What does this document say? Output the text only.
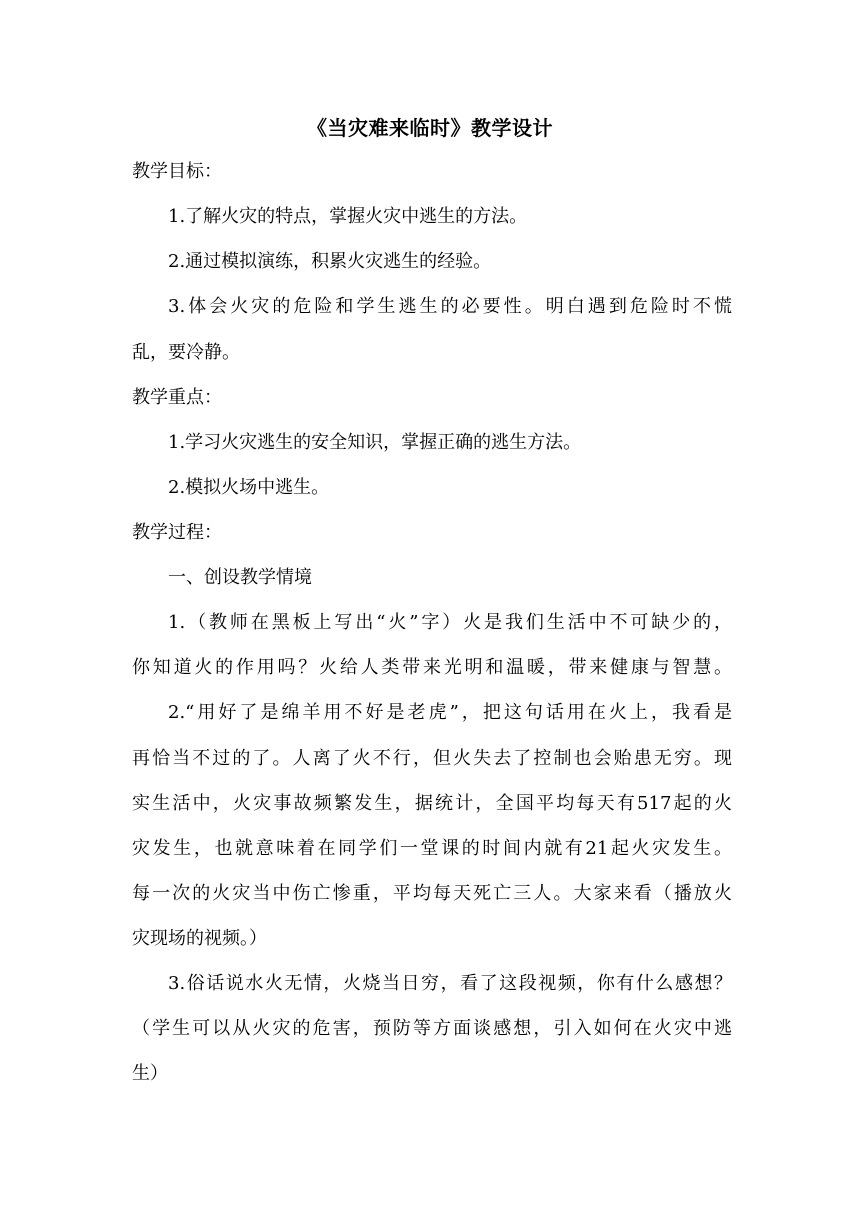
《当灾难来临时》教学设计
教学目标：
1.了解火灾的特点，掌握火灾中逃生的方法。
2.通过模拟演练，积累火灾逃生的经验。
3.体会火灾的危险和学生逃生的必要性。明白遇到危险时不慌
乱，要冷静。
教学重点：
1.学习火灾逃生的安全知识，掌握正确的逃生方法。
2.模拟火场中逃生。
教学过程：
一、创设教学情境
1.（教师在黑板上写出“火”字）火是我们生活中不可缺少的，
你知道火的作用吗？火给人类带来光明和温暖，带来健康与智慧。
2.“用好了是绵羊用不好是老虎”，把这句话用在火上，我看是
再恰当不过的了。人离了火不行，但火失去了控制也会贻患无穷。现
实生活中，火灾事故频繁发生，据统计，全国平均每天有517起的火
灾发生，也就意味着在同学们一堂课的时间内就有21起火灾发生。
每一次的火灾当中伤亡惨重，平均每天死亡三人。大家来看（播放火
灾现场的视频。）
3.俗话说水火无情，火烧当日穷，看了这段视频，你有什么感想？
（学生可以从火灾的危害，预防等方面谈感想，引入如何在火灾中逃
生）
